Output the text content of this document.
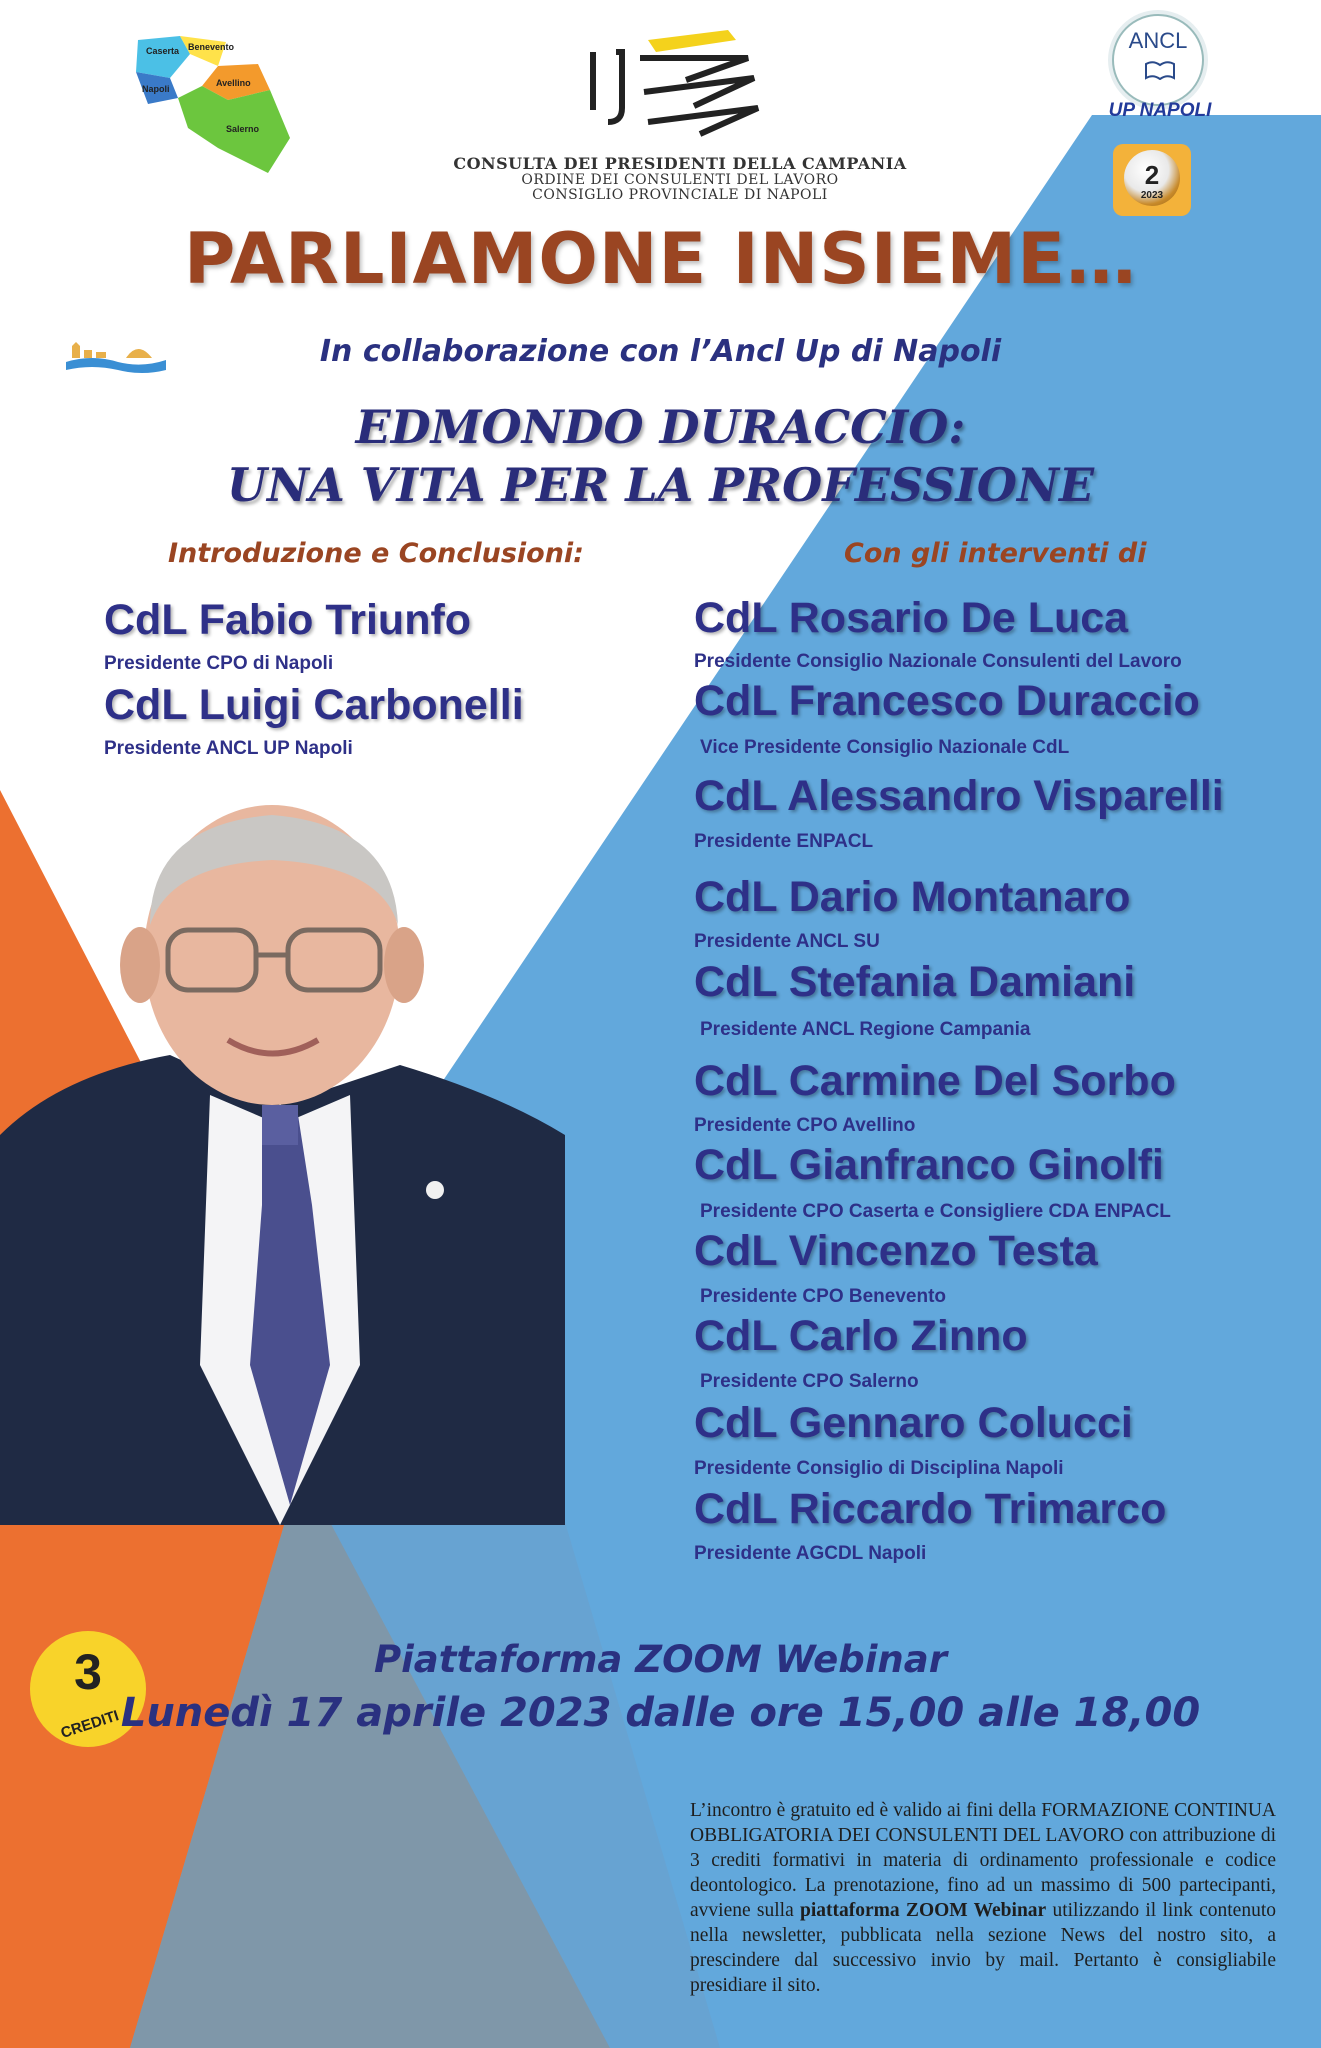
Caserta Benevento
Napoli
Avellino
Salerno
CONSULTA DEI PRESIDENTI DELLA CAMPANIA
ORDINE DEI CONSULENTI DEL LAVORO
CONSIGLIO PROVINCIALE DI NAPOLI
ANCL
UP NAPOLI
2
2023
PARLIAMONE INSIEME…
In collaborazione con l’Ancl Up di Napoli
EDMONDO DURACCIO:
UNA VITA PER LA PROFESSIONE
Introduzione e Conclusioni:	Con gli interventi di
CdL Fabio Triunfo
Presidente CPO di Napoli
CdL Luigi Carbonelli
Presidente ANCL UP Napoli
CdL Rosario De Luca
Presidente Consiglio Nazionale Consulenti del Lavoro
CdL Francesco Duraccio
Vice Presidente Consiglio Nazionale CdL
CdL Alessandro Visparelli
Presidente ENPACL
CdL Dario Montanaro
Presidente ANCL SU
CdL Stefania Damiani
Presidente ANCL Regione Campania
CdL Carmine Del Sorbo
Presidente CPO Avellino
CdL Gianfranco Ginolfi
Presidente CPO Caserta e Consigliere CDA ENPACL
CdL Vincenzo Testa
Presidente CPO Benevento
CdL Carlo Zinno
Presidente CPO Salerno
CdL Gennaro Colucci
Presidente Consiglio di Disciplina Napoli
CdL Riccardo Trimarco
Presidente AGCDL Napoli
3
CREDITI
Piattaforma ZOOM Webinar
Lunedì 17 aprile 2023 dalle ore 15,00 alle 18,00
L’incontro è gratuito ed è valido ai fini della FORMAZIONE CONTINUA OBBLIGATORIA DEI CONSULENTI DEL LAVORO con attribuzione di 3 crediti formativi in materia di ordinamento professionale e codice deontologico. La prenotazione, fino ad un massimo di 500 partecipanti, avviene sulla piattaforma ZOOM Webinar utilizzando il link contenuto nella newsletter, pubblicata nella sezione News del nostro sito, a prescindere dal successivo invio by mail. Pertanto è consigliabile presidiare il sito.
